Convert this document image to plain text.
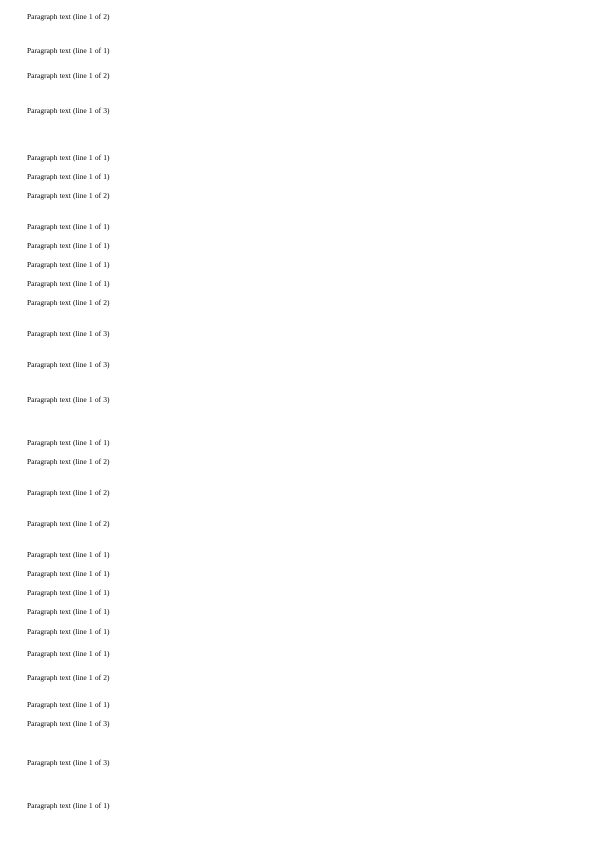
Paragraph text (line 1 of 2)

Paragraph text (line 1 of 1)

Paragraph text (line 1 of 2)

Paragraph text (line 1 of 3)

Paragraph text (line 1 of 1)

Paragraph text (line 1 of 1)

Paragraph text (line 1 of 2)

Paragraph text (line 1 of 1)

Paragraph text (line 1 of 1)

Paragraph text (line 1 of 1)

Paragraph text (line 1 of 1)

Paragraph text (line 1 of 2)

Paragraph text (line 1 of 3)

Paragraph text (line 1 of 3)

Paragraph text (line 1 of 3)

Paragraph text (line 1 of 1)

Paragraph text (line 1 of 2)

Paragraph text (line 1 of 2)

Paragraph text (line 1 of 2)

Paragraph text (line 1 of 1)

Paragraph text (line 1 of 1)

Paragraph text (line 1 of 1)

Paragraph text (line 1 of 1)

Paragraph text (line 1 of 1)

Paragraph text (line 1 of 1)

Paragraph text (line 1 of 2)

Paragraph text (line 1 of 1)

Paragraph text (line 1 of 3)

Paragraph text (line 1 of 3)

Paragraph text (line 1 of 1)
